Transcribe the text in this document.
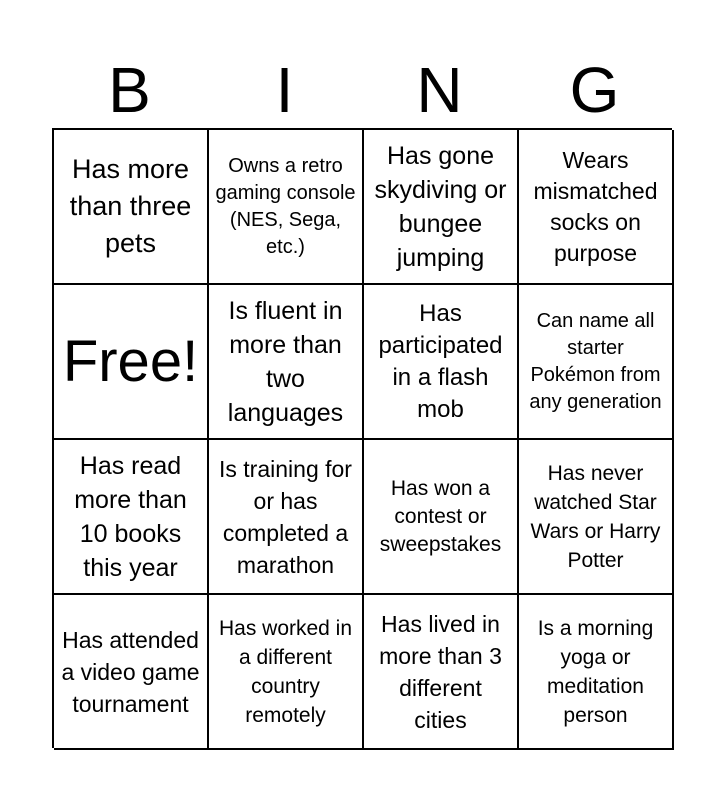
B	I	N	G
Has more than three pets
Owns a retro gaming console (NES, Sega, etc.)
Has gone skydiving or bungee jumping
Wears mismatched socks on purpose
Free!
Is fluent in more than two languages
Has participated in a flash mob
Can name all starter Pokémon from any generation
Has read more than 10 books this year
Is training for or has completed a marathon
Has won a contest or sweepstakes
Has never watched Star Wars or Harry Potter
Has attended a video game tournament
Has worked in a different country remotely
Has lived in more than 3 different cities
Is a morning yoga or meditation person
